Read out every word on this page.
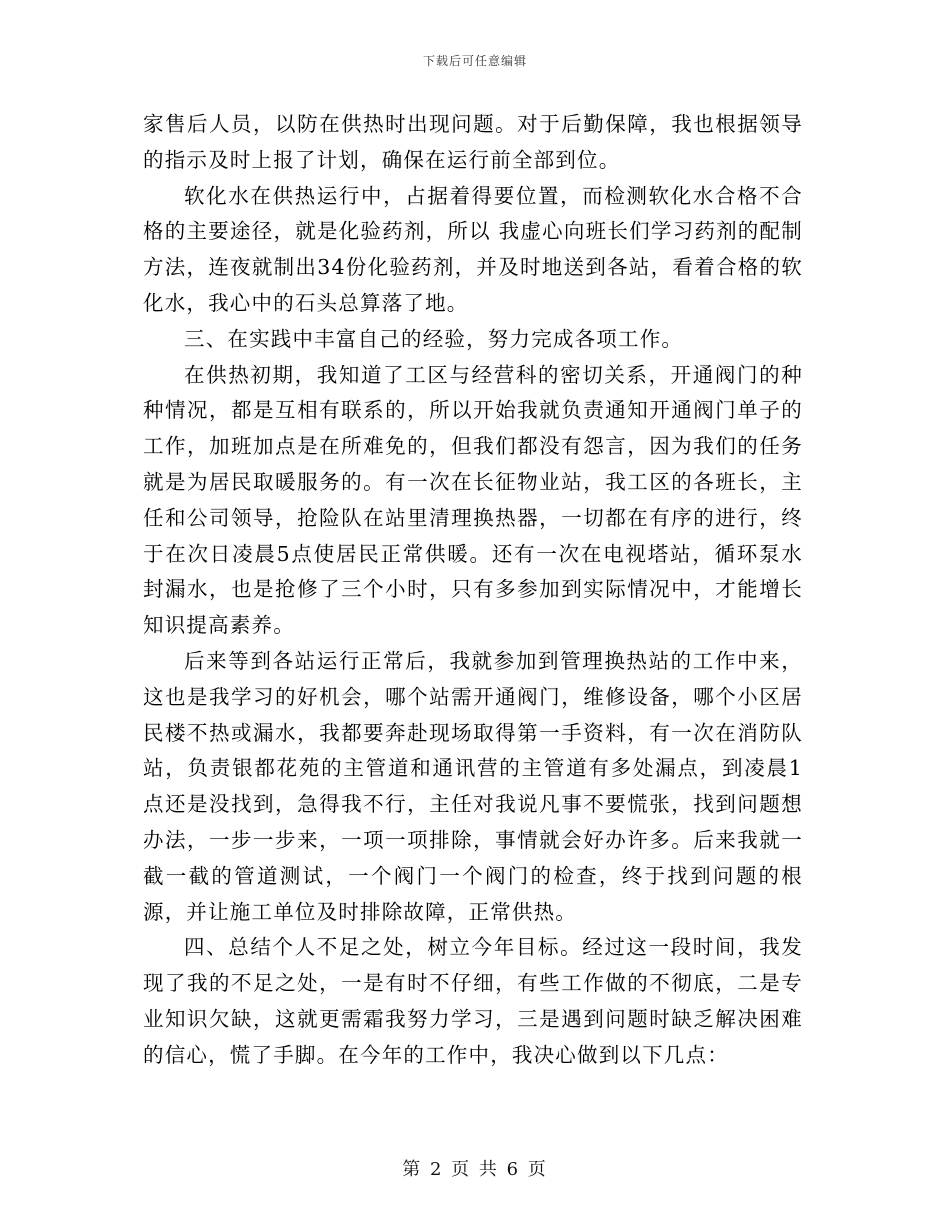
下载后可任意编辑

家售后人员，以防在供热时出现问题。对于后勤保障，我也根据领导的指示及时上报了计划，确保在运行前全部到位。

软化水在供热运行中，占据着得要位置，而检测软化水合格不合格的主要途径，就是化验药剂，所以 我虚心向班长们学习药剂的配制方法，连夜就制出34份化验药剂，并及时地送到各站，看着合格的软化水，我心中的石头总算落了地。

三、在实践中丰富自己的经验，努力完成各项工作。

在供热初期，我知道了工区与经营科的密切关系，开通阀门的种种情况，都是互相有联系的，所以开始我就负责通知开通阀门单子的工作，加班加点是在所难免的，但我们都没有怨言，因为我们的任务就是为居民取暖服务的。有一次在长征物业站，我工区的各班长，主任和公司领导，抢险队在站里清理换热器，一切都在有序的进行，终于在次日凌晨5点使居民正常供暖。还有一次在电视塔站，循环泵水封漏水，也是抢修了三个小时，只有多参加到实际情况中，才能增长知识提高素养。

后来等到各站运行正常后，我就参加到管理换热站的工作中来，这也是我学习的好机会，哪个站需开通阀门，维修设备，哪个小区居民楼不热或漏水，我都要奔赴现场取得第一手资料，有一次在消防队站，负责银都花苑的主管道和通讯营的主管道有多处漏点，到凌晨1点还是没找到，急得我不行，主任对我说凡事不要慌张，找到问题想办法，一步一步来，一项一项排除，事情就会好办许多。后来我就一截一截的管道测试，一个阀门一个阀门的检查，终于找到问题的根源，并让施工单位及时排除故障，正常供热。

四、总结个人不足之处，树立今年目标。经过这一段时间，我发现了我的不足之处，一是有时不仔细，有些工作做的不彻底，二是专业知识欠缺，这就更需霜我努力学习，三是遇到问题时缺乏解决困难的信心，慌了手脚。在今年的工作中，我决心做到以下几点：

第 2 页 共 6 页
